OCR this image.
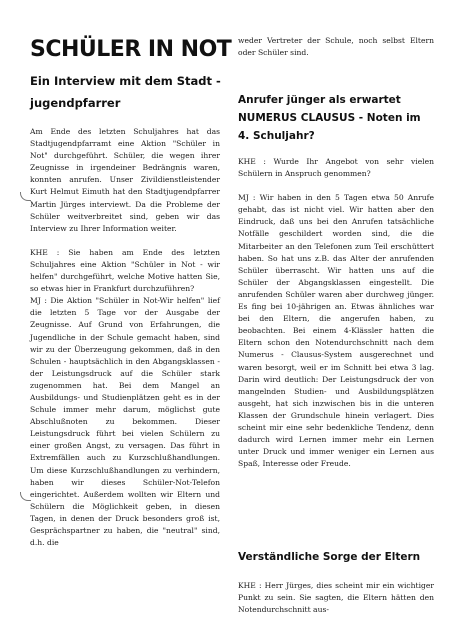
SCHÜLER IN NOT
Ein Interview mit dem Stadt - jugendpfarrer

Am Ende des letzten Schuljahres hat das Stadtjugendpfarramt eine Aktion "Schüler in Not" durchgeführt. Schüler, die wegen ihrer Zeugnisse in irgendeiner Bedrängnis waren, konnten anrufen. Unser Zivildienstleistender Kurt Helmut Eimuth hat den Stadtjugendpfarrer Martin Jürges interviewt. Da die Probleme der Schüler weitverbreitet sind, geben wir das Interview zu Ihrer Information weiter.

KHE : Sie haben am Ende des letzten Schuljahres eine Aktion "Schüler in Not - wir helfen" durchgeführt, welche Motive hatten Sie, so etwas hier in Frankfurt durchzuführen?

MJ : Die Aktion "Schüler in Not-Wir helfen" lief die letzten 5 Tage vor der Ausgabe der Zeugnisse. Auf Grund von Erfahrungen, die Jugendliche in der Schule gemacht haben, sind wir zu der Überzeugung gekommen, daß in den Schulen - hauptsächlich in den Abgangsklassen - der Leistungsdruck auf die Schüler stark zugenommen hat. Bei dem Mangel an Ausbildungs- und Studienplätzen geht es in der Schule immer mehr darum, möglichst gute Abschlußnoten zu bekommen. Dieser Leistungsdruck führt bei vielen Schülern zu einer großen Angst, zu versagen. Das führt in Extremfällen auch zu Kurzschlußhandlungen. Um diese Kurzschlußhandlungen zu verhindern, haben wir dieses Schüler-Not-Telefon eingerichtet. Außerdem wollten wir Eltern und Schülern die Möglichkeit geben, in diesen Tagen, in denen der Druck besonders groß ist, Gesprächspartner zu haben, die "neutral" sind, d.h. die

weder Vertreter der Schule, noch selbst Eltern oder Schüler sind.

Anrufer jünger als erwartet NUMERUS CLAUSUS - Noten im 4. Schuljahr?

KHE : Wurde Ihr Angebot von sehr vielen Schülern in Anspruch genommen?

MJ : Wir haben in den 5 Tagen etwa 50 Anrufe gehabt, das ist nicht viel. Wir hatten aber den Eindruck, daß uns bei den Anrufen tatsächliche Notfälle geschildert worden sind, die die Mitarbeiter an den Telefonen zum Teil erschüttert haben. So hat uns z.B. das Alter der anrufenden Schüler überrascht. Wir hatten uns auf die Schüler der Abgangsklassen eingestellt. Die anrufenden Schüler waren aber durchweg jünger. Es fing bei 10-jährigen an. Etwas ähnliches war bei den Eltern, die angerufen haben, zu beobachten. Bei einem 4-Klässler hatten die Eltern schon den Notendurchschnitt nach dem Numerus - Clausus-System ausgerechnet und waren besorgt, weil er im Schnitt bei etwa 3 lag. Darin wird deutlich: Der Leistungsdruck der von mangelnden Studien- und Ausbildungsplätzen ausgeht, hat sich inzwischen bis in die unteren Klassen der Grundschule hinein verlagert. Dies scheint mir eine sehr bedenkliche Tendenz, denn dadurch wird Lernen immer mehr ein Lernen unter Druck und immer weniger ein Lernen aus Spaß, Interesse oder Freude.

Verständliche Sorge der Eltern

KHE : Herr Jürges, dies scheint mir ein wichtiger Punkt zu sein. Sie sagten, die Eltern hätten den Notendurchschnitt aus-
